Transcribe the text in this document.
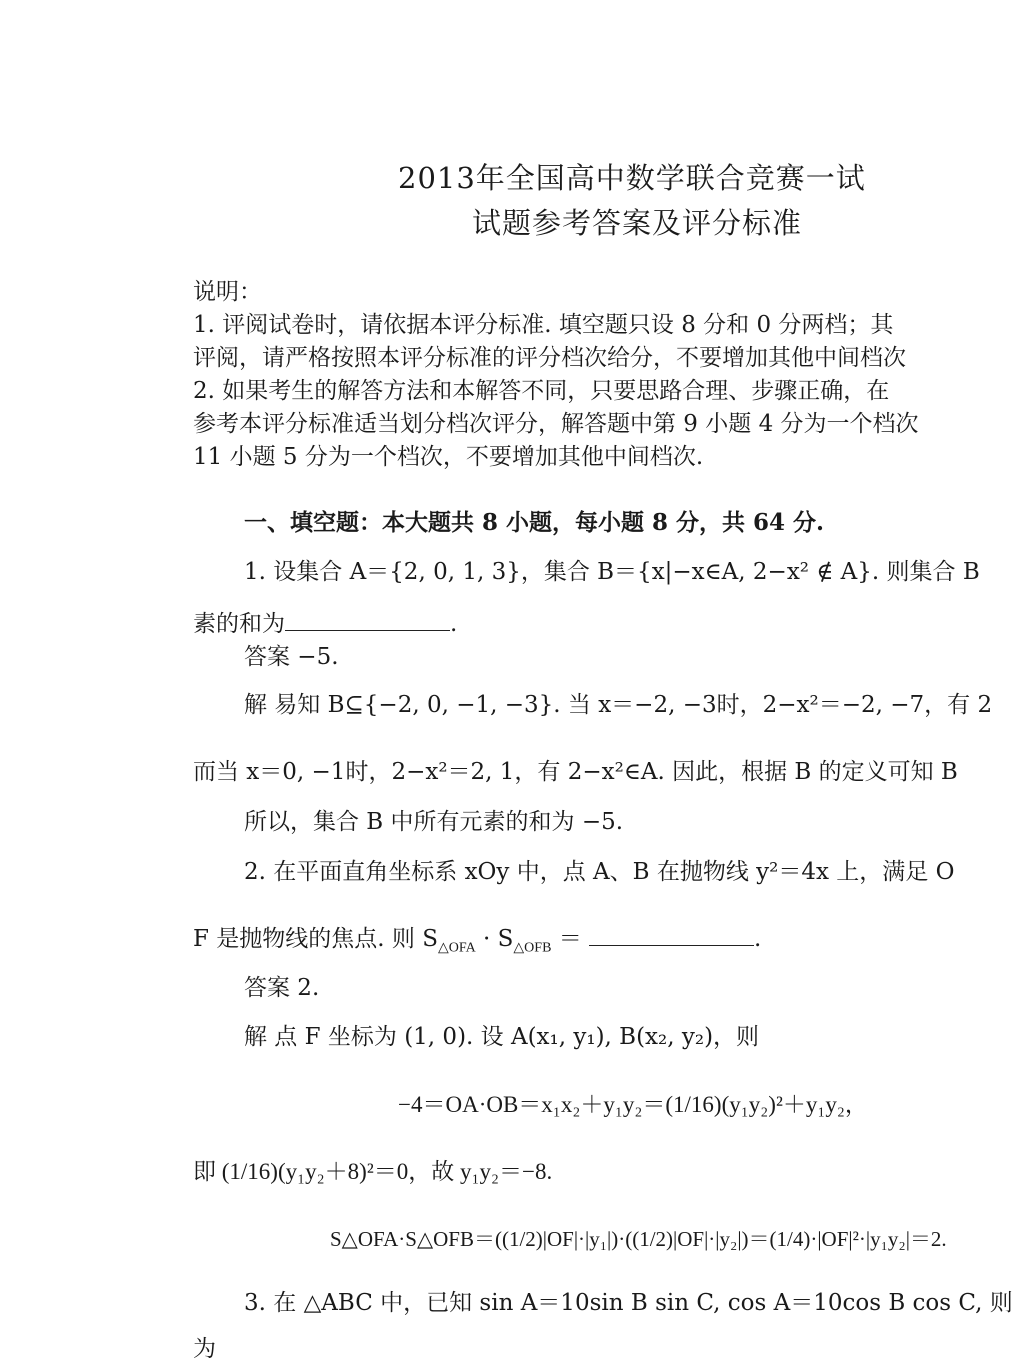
2013年全国高中数学联合竞赛一试
试题参考答案及评分标准
说明：
1. 评阅试卷时，请依据本评分标准. 填空题只设 8 分和 0 分两档；其
评阅，请严格按照本评分标准的评分档次给分，不要增加其他中间档次
2. 如果考生的解答方法和本解答不同，只要思路合理、步骤正确，在
参考本评分标准适当划分档次评分，解答题中第 9 小题 4 分为一个档次
11 小题 5 分为一个档次，不要增加其他中间档次.
一、填空题：本大题共 8 小题，每小题 8 分，共 64 分.
1. 设集合 A＝{2, 0, 1, 3}，集合 B＝{x|−x∈A, 2−x² ∉ A}. 则集合 B
素的和为	.
答案 −5.
解 易知 B⊆{−2, 0, −1, −3}. 当 x＝−2, −3时，2−x²＝−2, −7，有 2
而当 x＝0, −1时，2−x²＝2, 1，有 2−x²∈A. 因此，根据 B 的定义可知 B
所以，集合 B 中所有元素的和为 −5.
2. 在平面直角坐标系 xOy 中，点 A、B 在抛物线 y²＝4x 上，满足 O
F 是抛物线的焦点. 则 $S_{\triangle OFA} \cdot S_{\triangle OFB}$ ＝	.
答案 2.
解 点 F 坐标为 (1, 0). 设 A(x₁, y₁), B(x₂, y₂)，则
−4＝OA·OB＝x₁x₂＋y₁y₂＝(1/16)(y₁y₂)²＋y₁y₂，
即 (1/16)(y₁y₂＋8)²＝0，故 y₁y₂＝−8.
S△OFA·S△OFB＝((1/2)|OF|·|y₁|)·((1/2)|OF|·|y₂|)＝(1/4)·|OF|²·|y₁y₂|＝2.
3. 在 △ABC 中，已知 sin A＝10sin B sin C, cos A＝10cos B cos C, 则
为
